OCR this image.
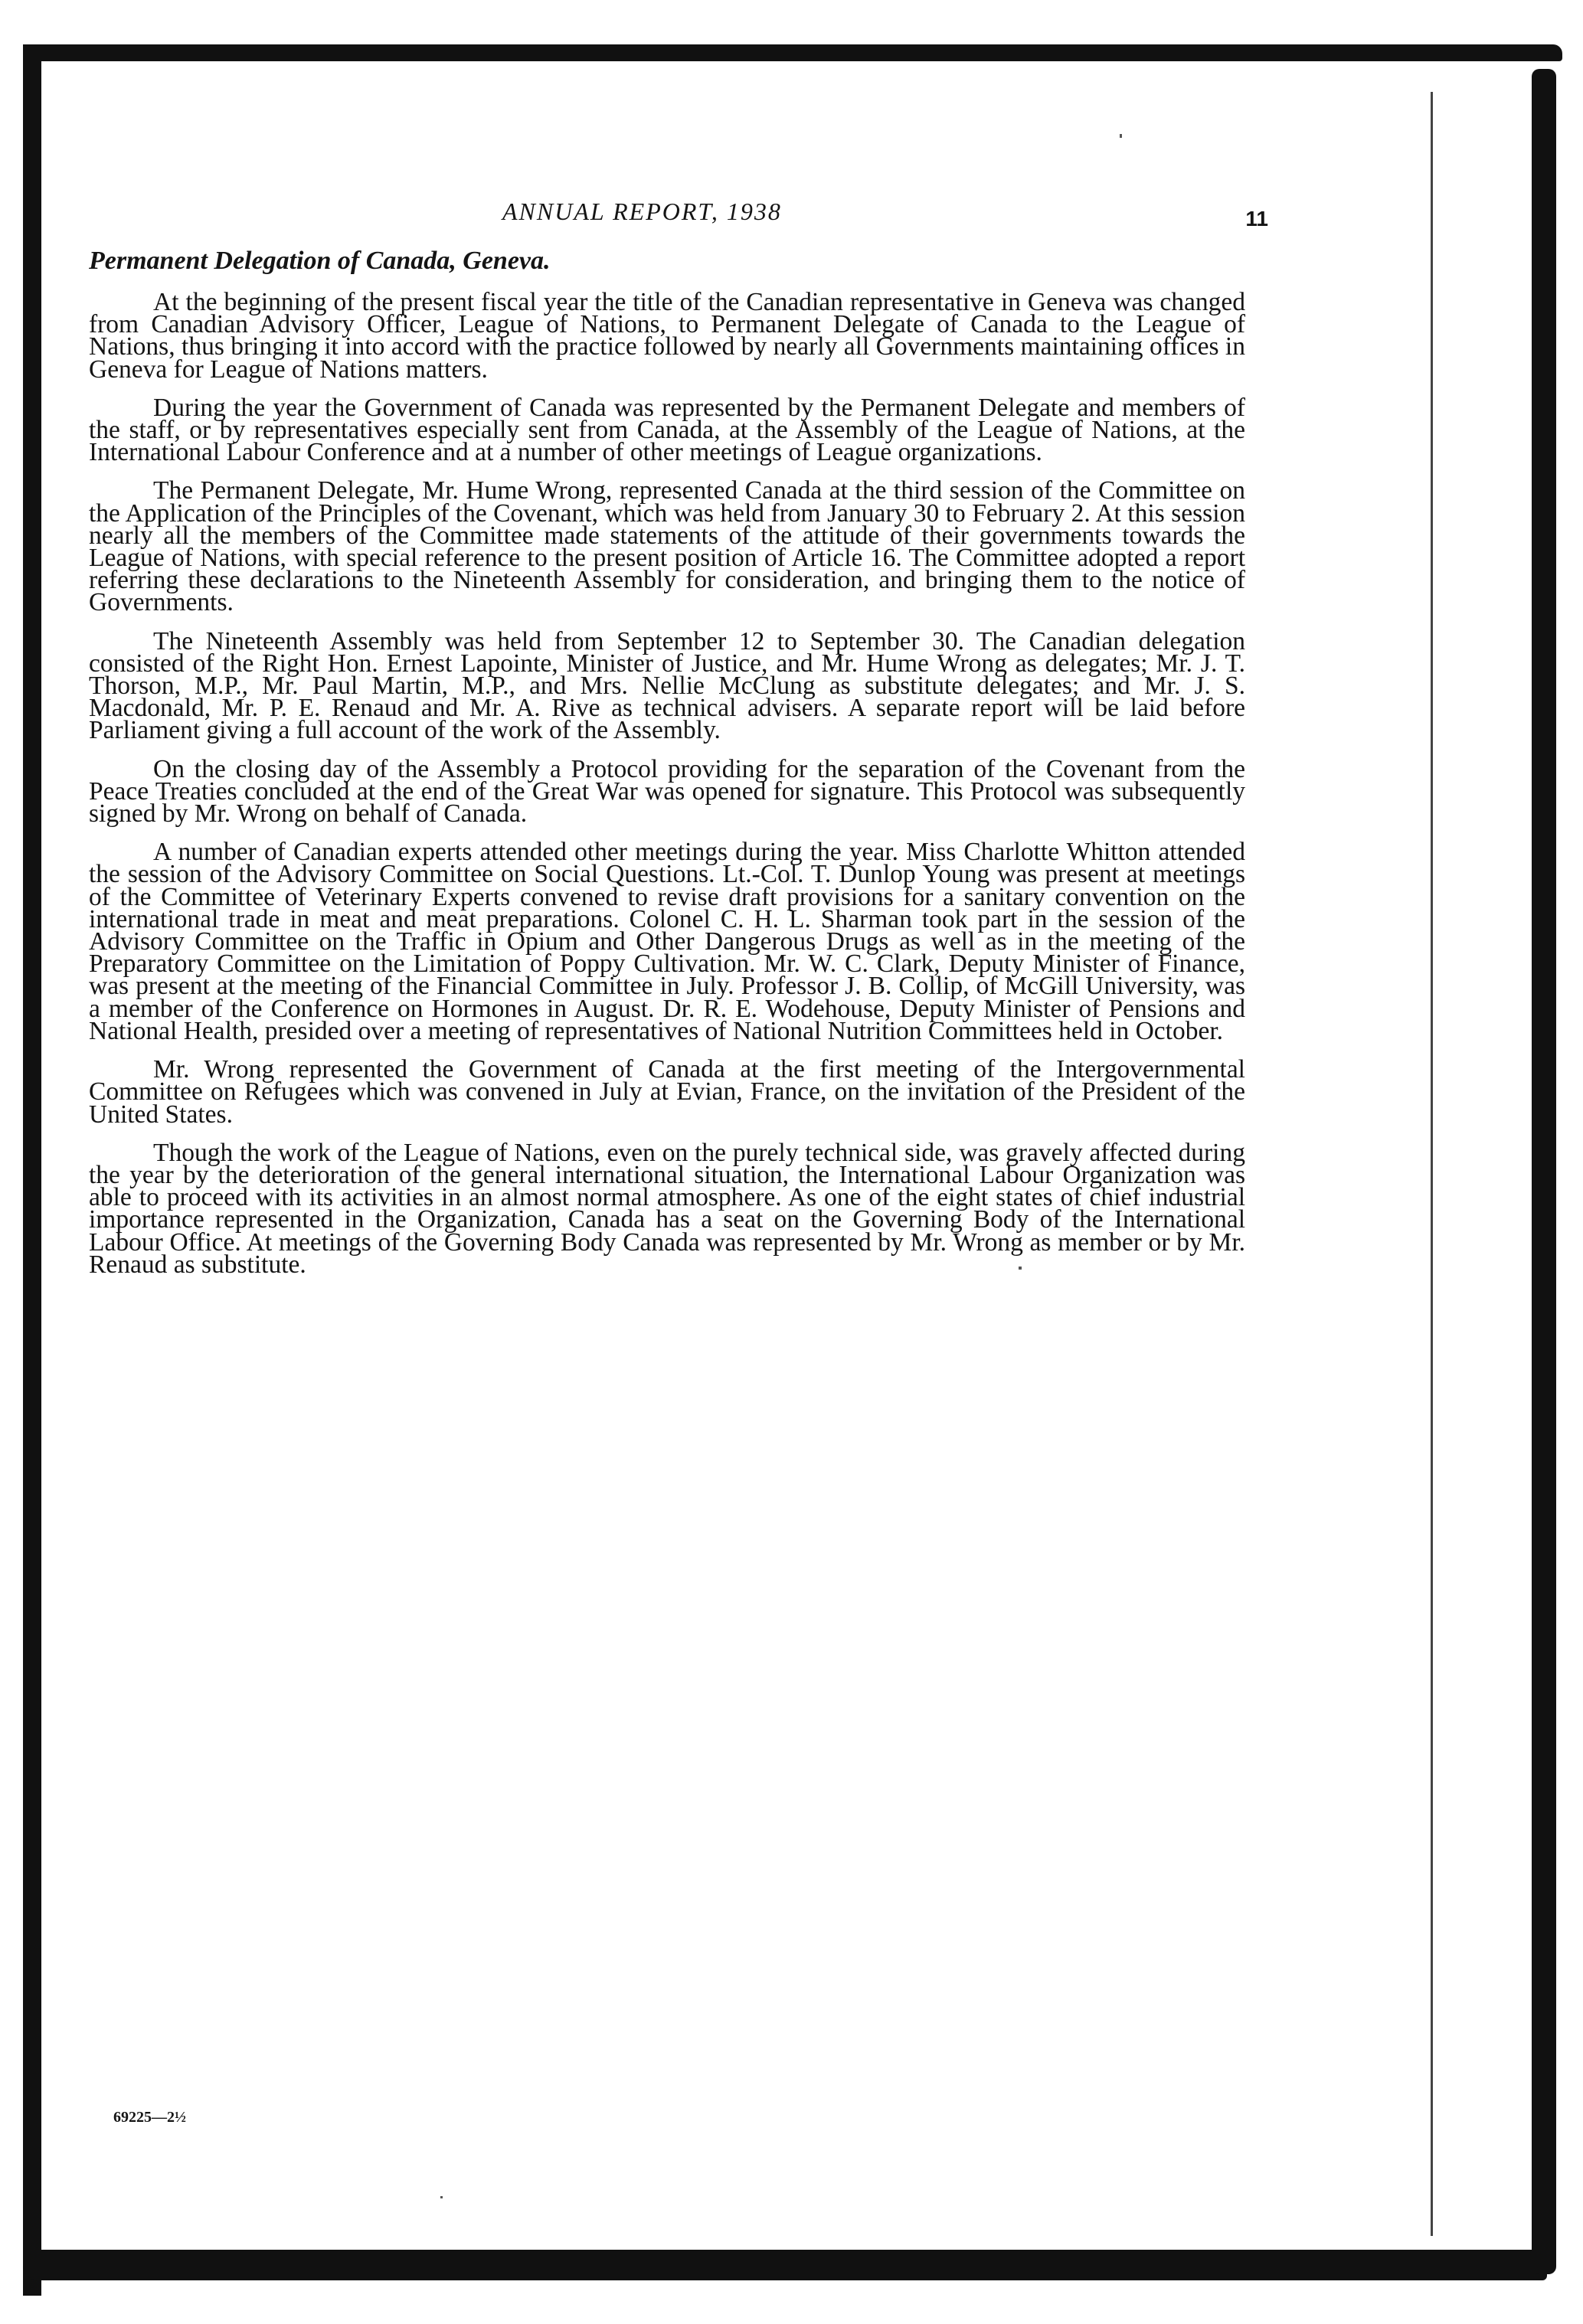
ANNUAL REPORT, 1938	11
Permanent Delegation of Canada, Geneva.

At the beginning of the present fiscal year the title of the Canadian representative in Geneva was changed from Canadian Advisory Officer, League of Nations, to Permanent Delegate of Canada to the League of Nations, thus bringing it into accord with the practice followed by nearly all Governments maintaining offices in Geneva for League of Nations matters.

During the year the Government of Canada was represented by the Permanent Delegate and members of the staff, or by representatives especially sent from Canada, at the Assembly of the League of Nations, at the International Labour Conference and at a number of other meetings of League organizations.

The Permanent Delegate, Mr. Hume Wrong, represented Canada at the third session of the Committee on the Application of the Principles of the Covenant, which was held from January 30 to February 2. At this session nearly all the members of the Committee made statements of the attitude of their governments towards the League of Nations, with special reference to the present position of Article 16. The Committee adopted a report referring these declarations to the Nineteenth Assembly for consideration, and bringing them to the notice of Governments.

The Nineteenth Assembly was held from September 12 to September 30. The Canadian delegation consisted of the Right Hon. Ernest Lapointe, Minister of Justice, and Mr. Hume Wrong as delegates; Mr. J. T. Thorson, M.P., Mr. Paul Martin, M.P., and Mrs. Nellie McClung as substitute delegates; and Mr. J. S. Macdonald, Mr. P. E. Renaud and Mr. A. Rive as technical advisers. A separate report will be laid before Parliament giving a full account of the work of the Assembly.

On the closing day of the Assembly a Protocol providing for the separation of the Covenant from the Peace Treaties concluded at the end of the Great War was opened for signature. This Protocol was subsequently signed by Mr. Wrong on behalf of Canada.

A number of Canadian experts attended other meetings during the year. Miss Charlotte Whitton attended the session of the Advisory Committee on Social Questions. Lt.-Col. T. Dunlop Young was present at meetings of the Committee of Veterinary Experts convened to revise draft provisions for a sanitary convention on the international trade in meat and meat preparations. Colonel C. H. L. Sharman took part in the session of the Advisory Committee on the Traffic in Opium and Other Dangerous Drugs as well as in the meeting of the Preparatory Committee on the Limitation of Poppy Cultivation. Mr. W. C. Clark, Deputy Minister of Finance, was present at the meeting of the Financial Committee in July. Professor J. B. Collip, of McGill University, was a member of the Conference on Hormones in August. Dr. R. E. Wodehouse, Deputy Minister of Pensions and National Health, presided over a meeting of representatives of National Nutrition Committees held in October.

Mr. Wrong represented the Government of Canada at the first meeting of the Intergovernmental Committee on Refugees which was convened in July at Evian, France, on the invitation of the President of the United States.

Though the work of the League of Nations, even on the purely technical side, was gravely affected during the year by the deterioration of the general international situation, the International Labour Organization was able to proceed with its activities in an almost normal atmosphere. As one of the eight states of chief industrial importance represented in the Organization, Canada has a seat on the Governing Body of the International Labour Office. At meetings of the Governing Body Canada was represented by Mr. Wrong as member or by Mr. Renaud as substitute.

69225—2½
